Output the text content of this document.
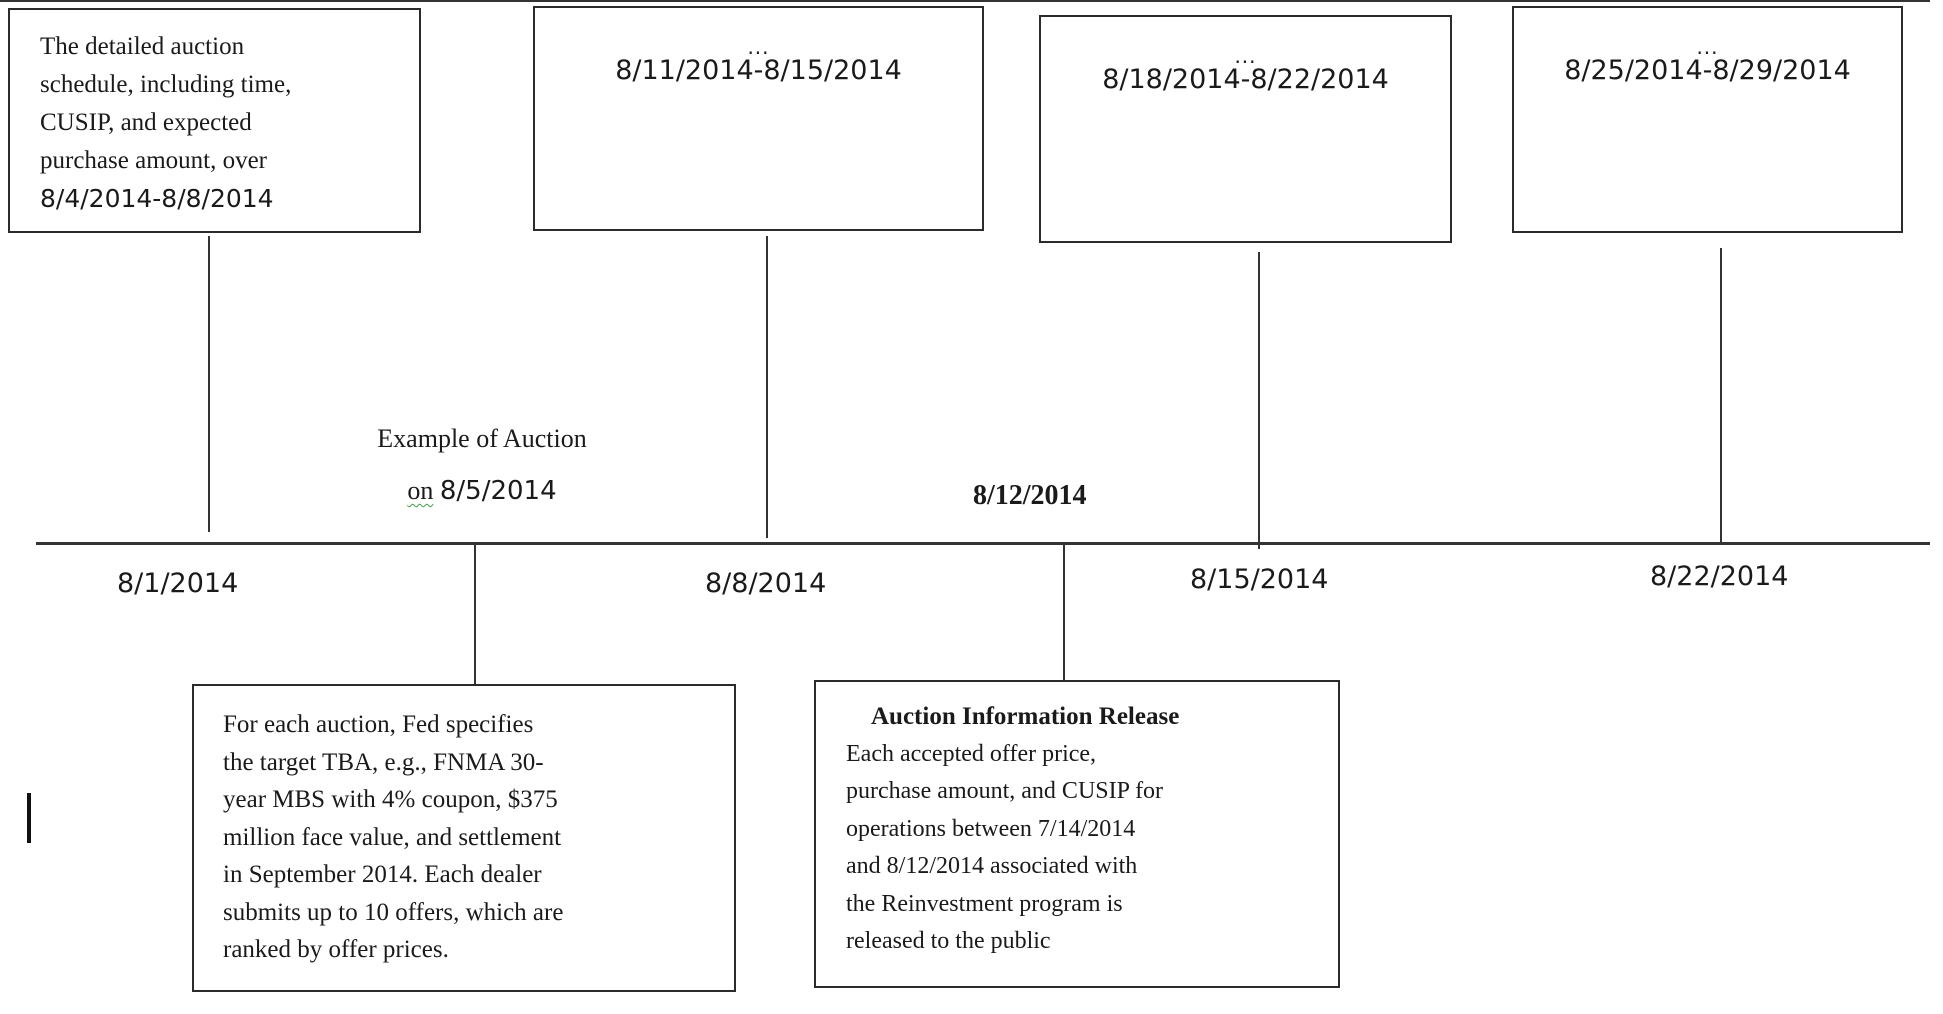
The detailed auction
schedule, including time,
CUSIP, and expected
purchase amount, over
8/4/2014-8/8/2014
...
8/11/2014-8/15/2014	...
8/18/2014-8/22/2014
...
8/25/2014-8/29/2014
Example of Auction
on 8/5/2014	8/12/2014
8/1/2014	8/8/2014	8/15/2014	8/22/2014
For each auction, Fed specifies
the target TBA, e.g., FNMA 30-
year MBS with 4% coupon, $375
million face value, and settlement
in September 2014. Each dealer
submits up to 10 offers, which are
ranked by offer prices.
Auction Information Release
Each accepted offer price,
purchase amount, and CUSIP for
operations between 7/14/2014
and 8/12/2014 associated with
the Reinvestment program is
released to the public
